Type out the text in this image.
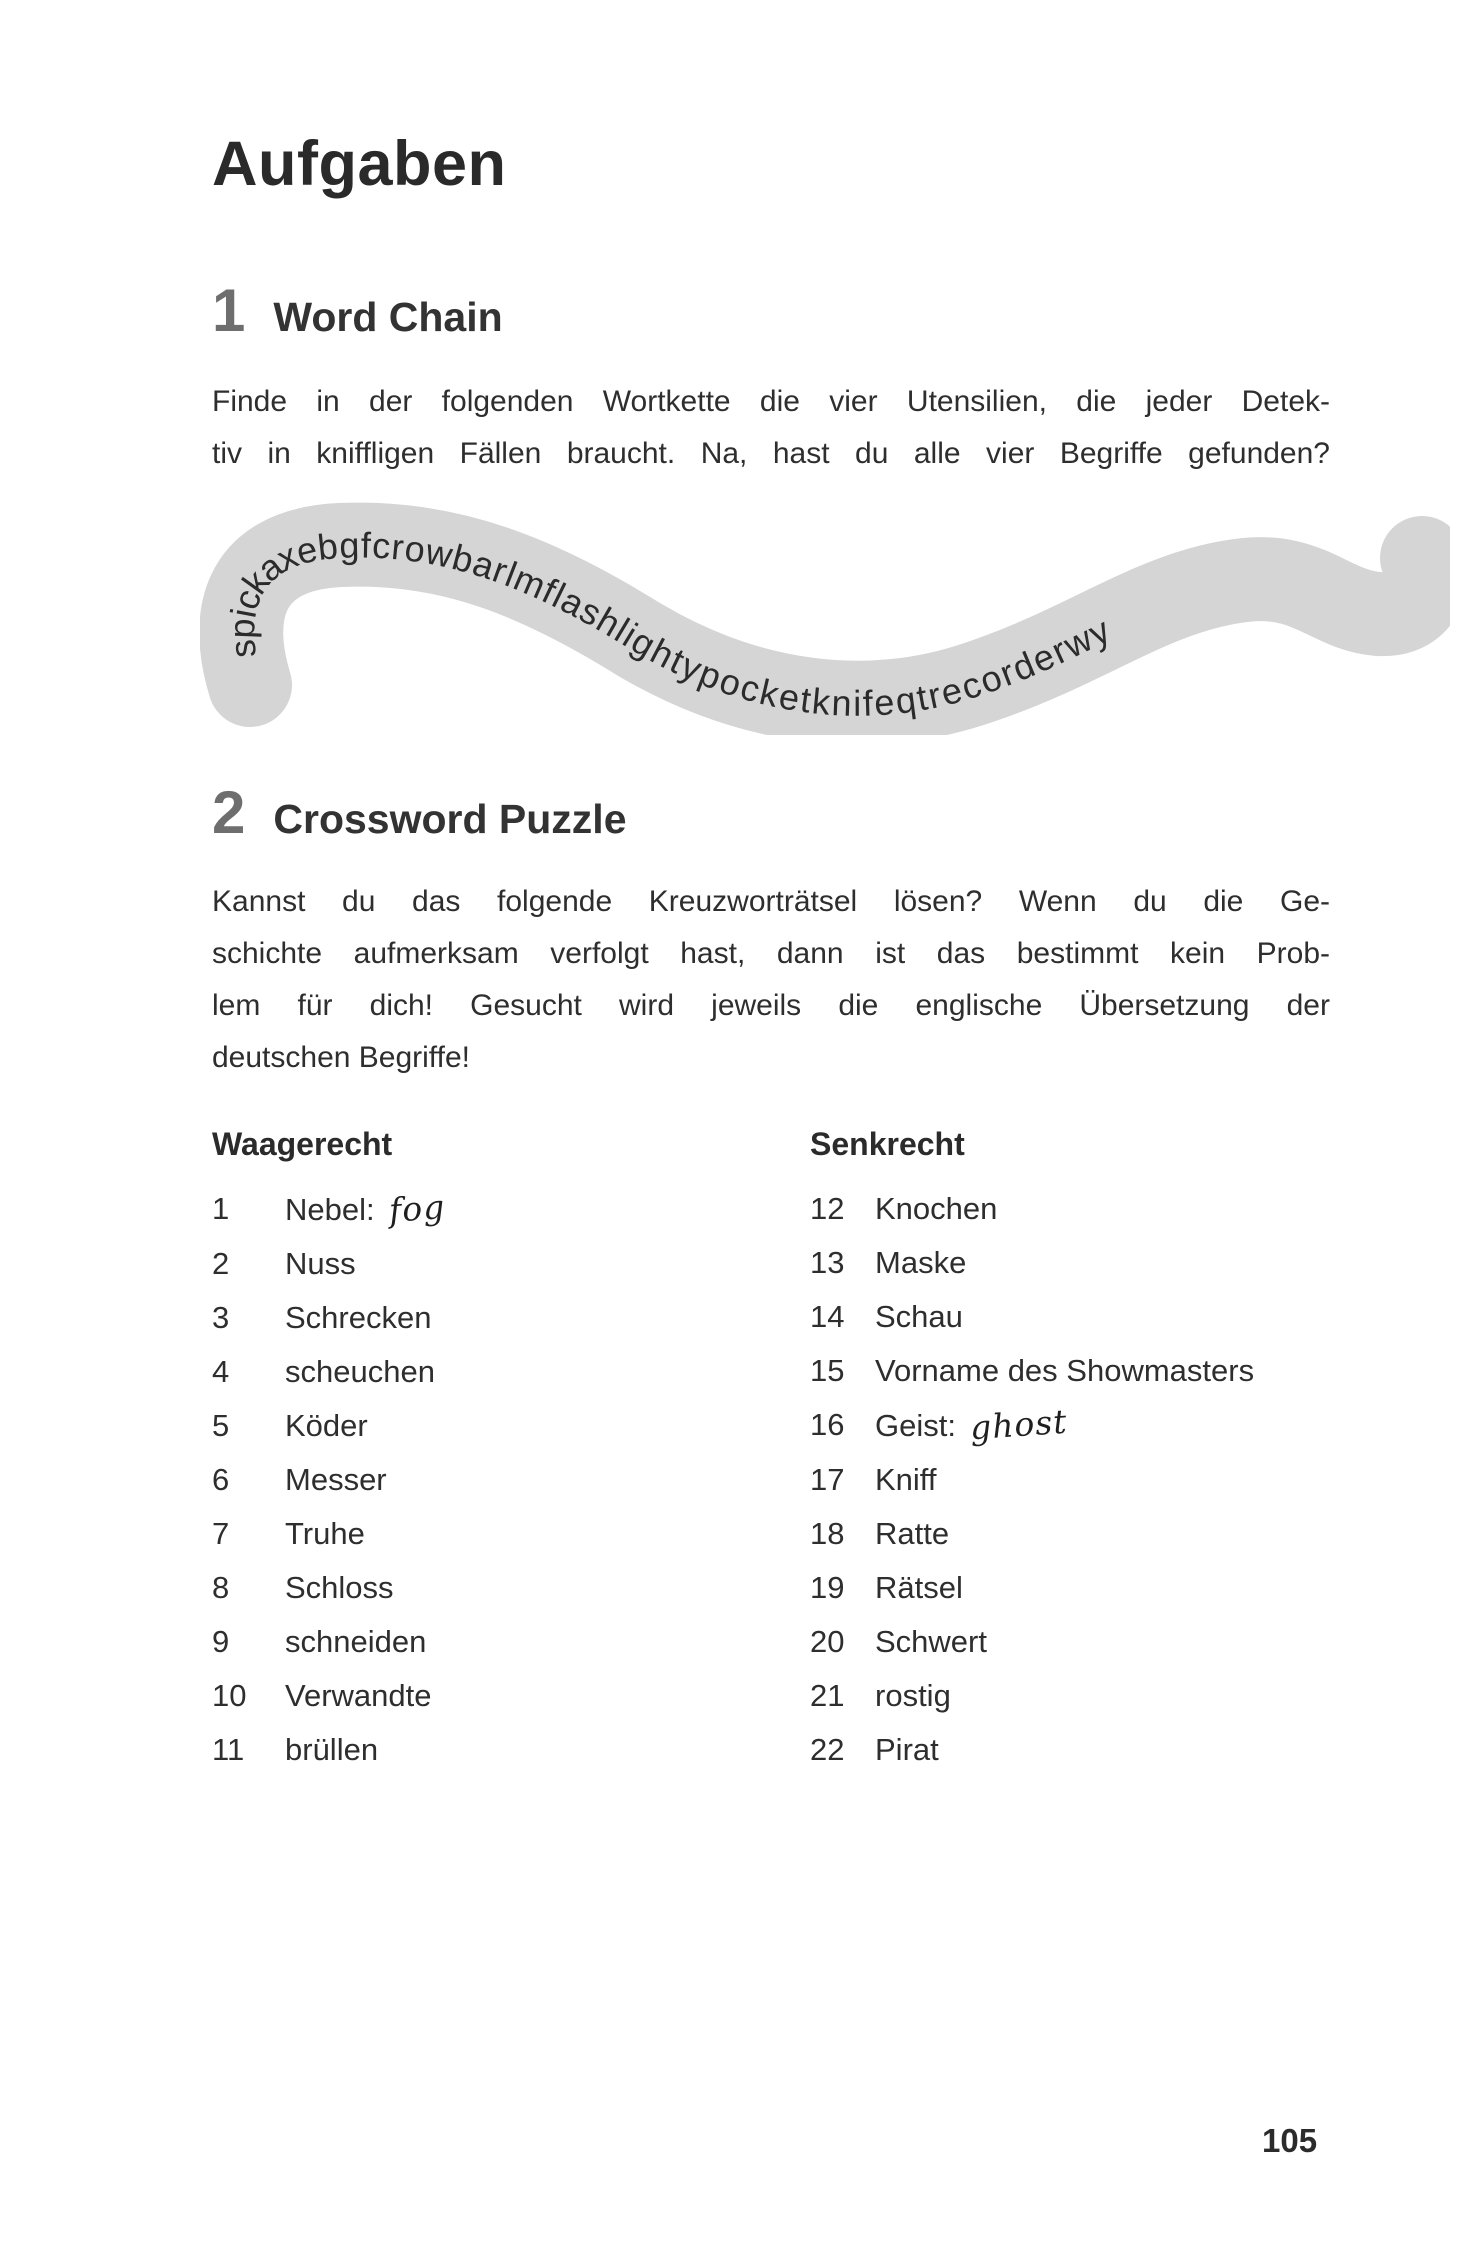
Aufgaben
1 Word Chain
Finde in der folgenden Wortkette die vier Utensilien, die jeder Detek-
tiv in kniffligen Fällen braucht. Na, hast du alle vier Begriffe gefunden?
spickaxebgfcrowbarlmflashlightypocketknifeqtrecorderwy
2 Crossword Puzzle
Kannst du das folgende Kreuzworträtsel lösen? Wenn du die Ge-
schichte aufmerksam verfolgt hast, dann ist das bestimmt kein Prob-
lem für dich! Gesucht wird jeweils die englische Übersetzung der
deutschen Begriffe!
Waagerecht
1	Nebel: fog
2	Nuss
3	Schrecken
4	scheuchen
5	Köder
6	Messer
7	Truhe
8	Schloss
9	schneiden
10	Verwandte
11	brüllen
Senkrecht
12 Knochen
13 Maske
14 Schau
15 Vorname des Showmasters
16 Geist: ghost
17 Kniff
18 Ratte
19 Rätsel
20 Schwert
21 rostig
22 Pirat
105
